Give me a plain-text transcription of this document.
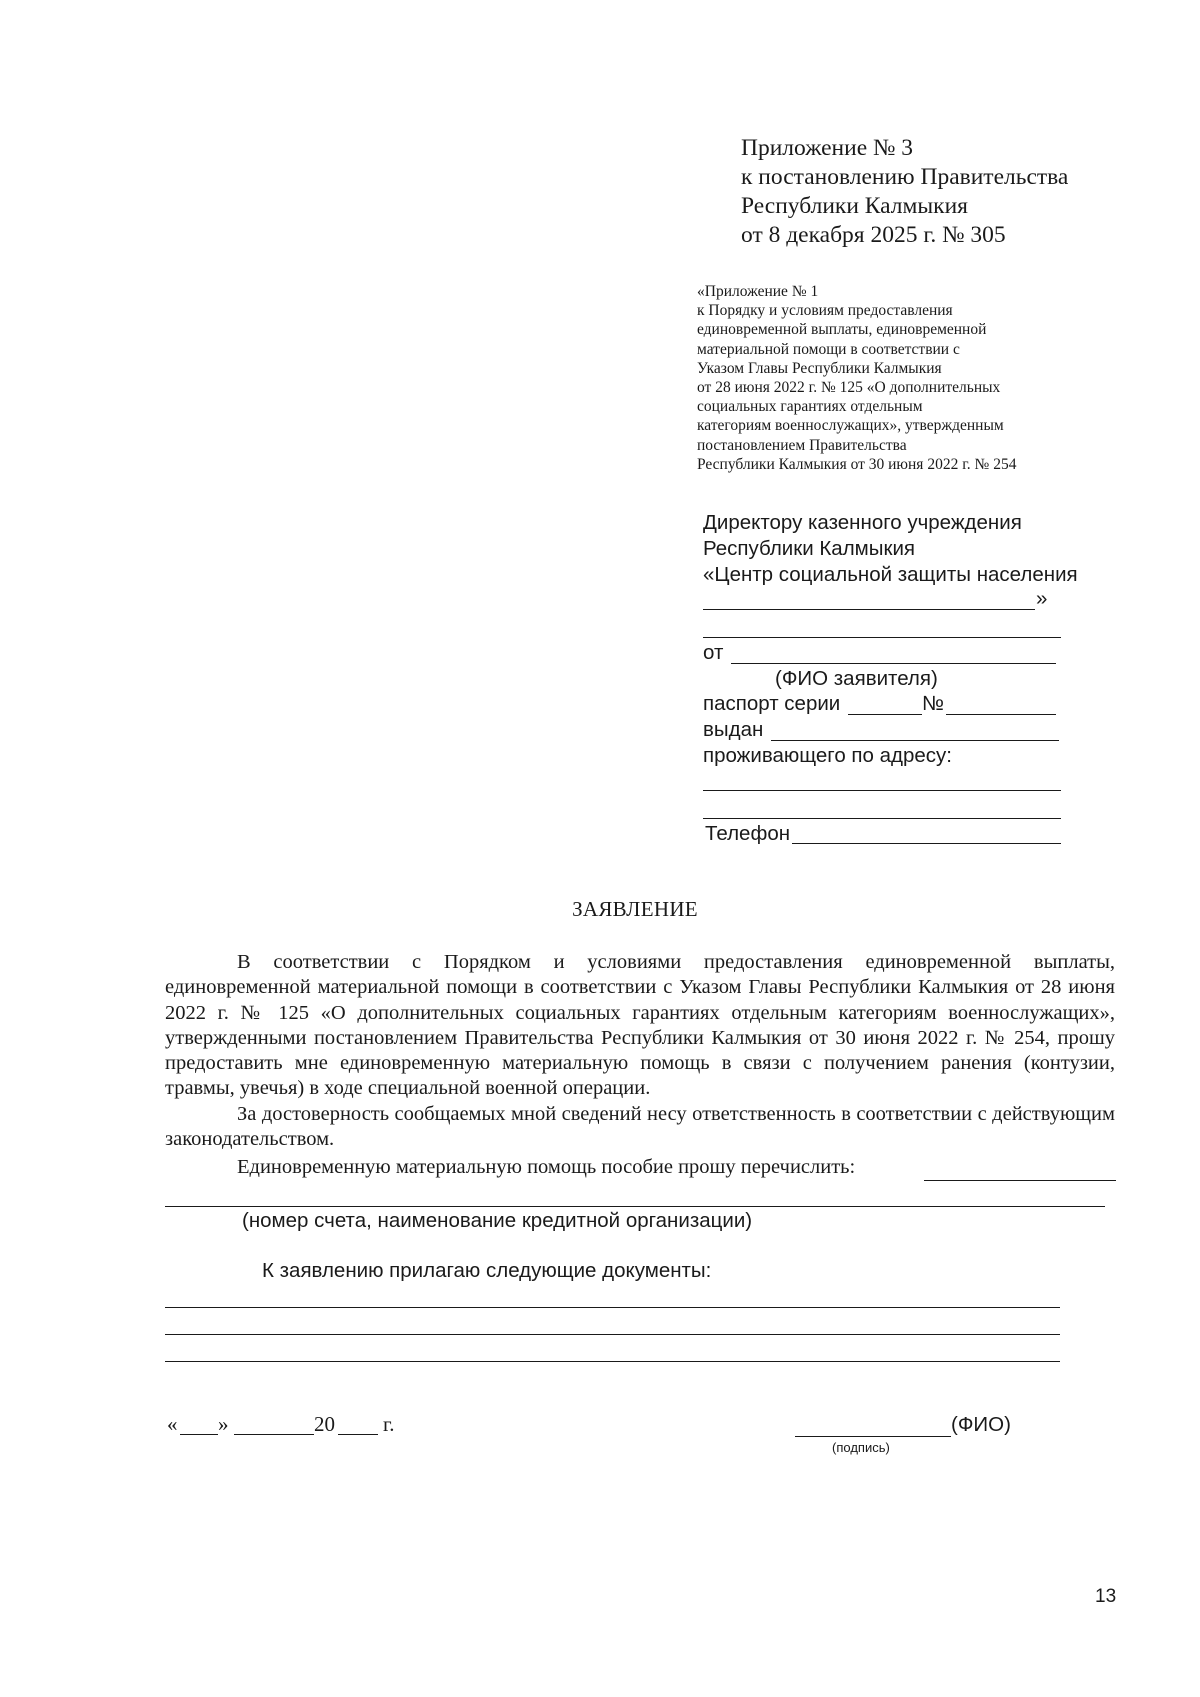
Приложение № 3
к постановлению Правительства
Республики Калмыкия
от 8 декабря 2025 г. № 305
«Приложение № 1
к Порядку и условиям предоставления
единовременной выплаты, единовременной
материальной помощи в соответствии с
Указом Главы Республики Калмыкия
от 28 июня 2022 г. № 125 «О дополнительных
социальных гарантиях отдельным
категориям военнослужащих», утвержденным
постановлением Правительства
Республики Калмыкия от 30 июня 2022 г. № 254
Директору казенного учреждения
Республики Калмыкия
«Центр социальной защиты населения
»
от
(ФИО заявителя)
паспорт серии	№
выдан
проживающего по адресу:
Телефон
ЗАЯВЛЕНИЕ

В соответствии с Порядком и условиями предоставления единовременной выплаты, единовременной материальной помощи в соответствии с Указом Главы Республики Калмыкия от 28 июня 2022 г. № 125 «О дополнительных социальных гарантиях отдельным категориям военнослужащих», утвержденными постановлением Правительства Республики Калмыкия от 30 июня 2022 г. № 254, прошу предоставить мне единовременную материальную помощь в связи с получением ранения (контузии, травмы, увечья) в ходе специальной военной операции.

За достоверность сообщаемых мной сведений несу ответственность в соответствии с действующим законодательством.

Единовременную материальную помощь пособие прошу перечислить:
(номер счета, наименование кредитной организации)
К заявлению прилагаю следующие документы:
« »	20 г.	(ФИО)
(подпись)
13
